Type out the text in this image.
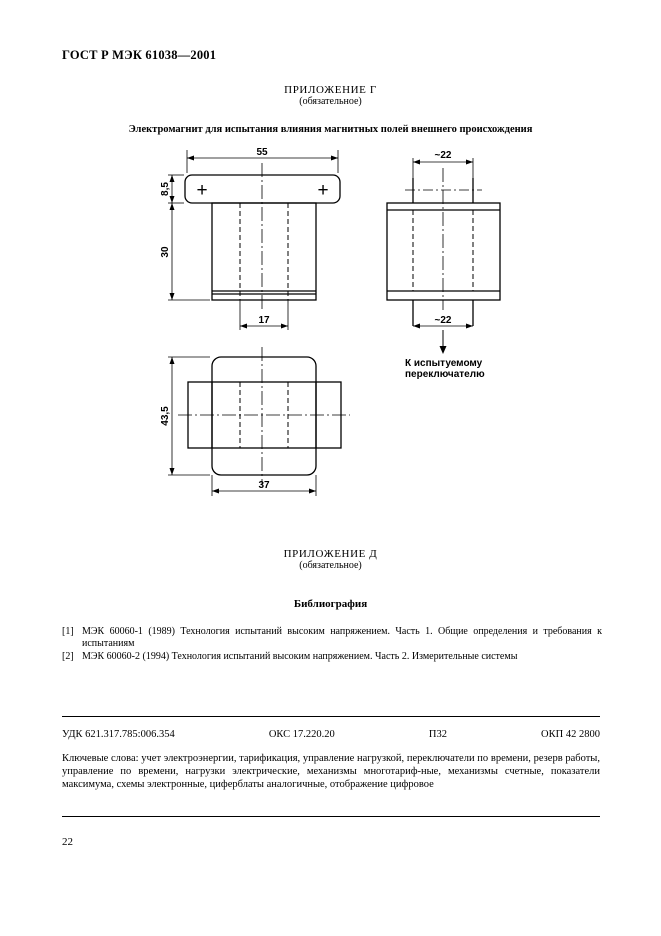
ГОСТ Р МЭК 61038—2001
ПРИЛОЖЕНИЕ Г
(обязательное)
Электромагнит для испытания влияния магнитных полей внешнего происхождения
55
8,5
30
17
~22
~22
43,5
37
К испытуемому
переключателю
+	+
ПРИЛОЖЕНИЕ Д
(обязательное)
Библиография
[1] МЭК 60060-1 (1989) Технология испытаний высоким напряжением. Часть 1. Общие определения и требования к испытаниям
[2] МЭК 60060-2 (1994) Технология испытаний высоким напряжением. Часть 2. Измерительные системы
УДК 621.317.785:006.354	ОКС 17.220.20	П32	ОКП 42 2800
Ключевые слова: учет электроэнергии, тарификация, управление нагрузкой, переключатели по времени, резерв работы, управление по времени, нагрузки электрические, механизмы многотариф-ные, механизмы счетные, показатели максимума, схемы электронные, циферблаты аналогичные, отображение цифровое
22
